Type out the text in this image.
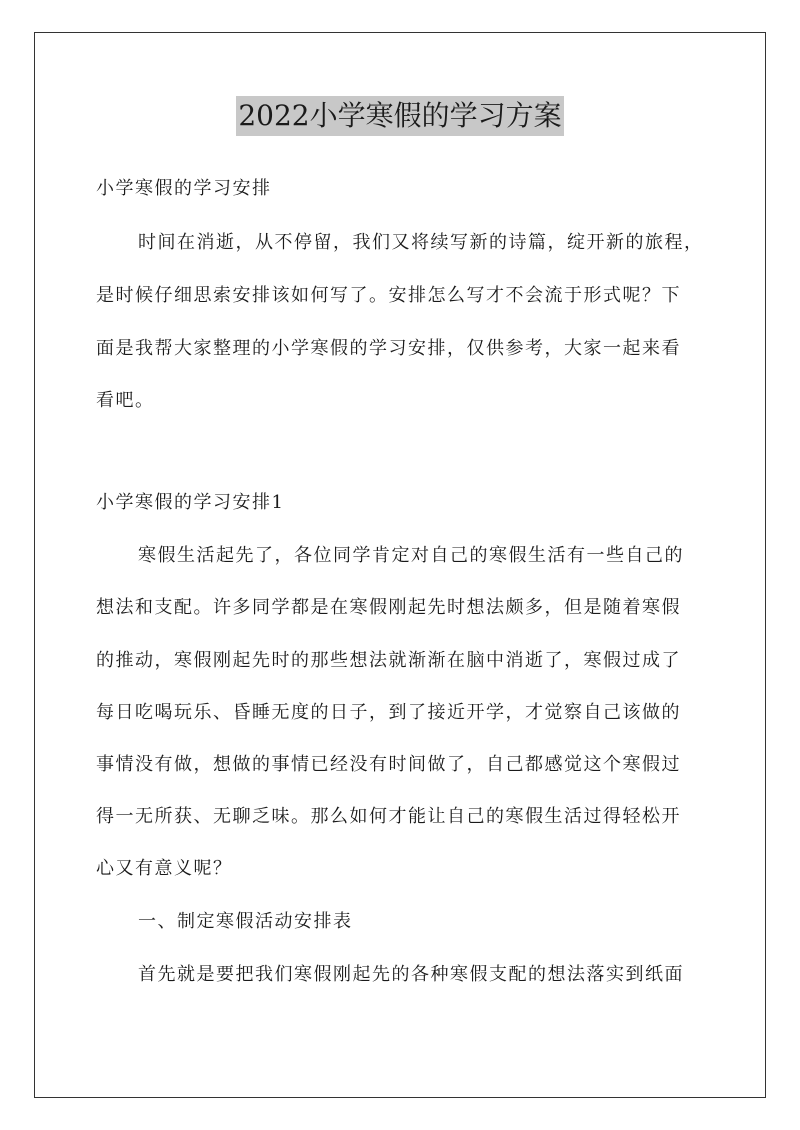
2022小学寒假的学习方案
小学寒假的学习安排
时间在消逝，从不停留，我们又将续写新的诗篇，绽开新的旅程，
是时候仔细思索安排该如何写了。安排怎么写才不会流于形式呢？下
面是我帮大家整理的小学寒假的学习安排，仅供参考，大家一起来看
看吧。
小学寒假的学习安排1
寒假生活起先了，各位同学肯定对自己的寒假生活有一些自己的
想法和支配。许多同学都是在寒假刚起先时想法颇多，但是随着寒假
的推动，寒假刚起先时的那些想法就渐渐在脑中消逝了，寒假过成了
每日吃喝玩乐、昏睡无度的日子，到了接近开学，才觉察自己该做的
事情没有做，想做的事情已经没有时间做了，自己都感觉这个寒假过
得一无所获、无聊乏味。那么如何才能让自己的寒假生活过得轻松开
心又有意义呢？
一、制定寒假活动安排表
首先就是要把我们寒假刚起先的各种寒假支配的想法落实到纸面
